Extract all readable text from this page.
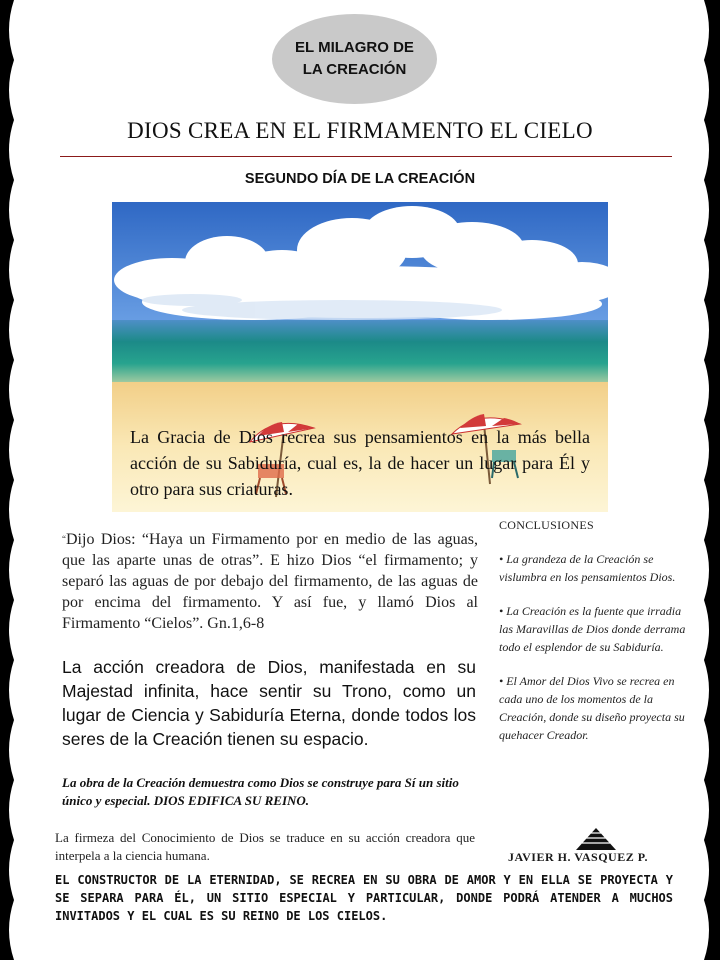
EL MILAGRO DE
LA CREACIÓN
DIOS CREA EN EL FIRMAMENTO EL CIELO
SEGUNDO DÍA DE LA CREACIÓN
La Gracia de Dios recrea sus pensamientos en la más bella acción de su Sabiduría, cual es, la de hacer un lugar para Él y otro para sus criaturas.
“Dijo Dios: “Haya un Firmamento por en medio de las aguas, que las aparte unas de otras”. E hizo Dios “el firmamento; y separó las aguas de por debajo del firmamento, de las aguas de por encima del firmamento. Y así fue, y llamó Dios al Firmamento “Cielos”. Gn.1,6-8
La acción creadora de Dios, manifestada en su Majestad infinita, hace sentir su Trono, como un lugar de Ciencia y Sabiduría Eterna, donde todos los seres de la Creación tienen su espacio.
La obra de la Creación demuestra como Dios se construye para Sí un sitio único y especial. DIOS EDIFICA SU REINO.
La firmeza del Conocimiento de Dios se traduce en su acción creadora que interpela a la ciencia humana.
CONCLUSIONES
• La grandeza de la Creación se vislumbra en los pensamientos Dios.
• La Creación es la fuente que irradia las Maravillas de Dios donde derrama todo el esplendor de su Sabiduría.
• El Amor del Dios Vivo se recrea en cada uno de los momentos de la Creación, donde su diseño proyecta su quehacer Creador.
JAVIER H. VASQUEZ P.
EL CONSTRUCTOR DE LA ETERNIDAD, SE RECREA EN SU OBRA DE AMOR Y EN ELLA SE PROYECTA Y SE SEPARA PARA ÉL, UN SITIO ESPECIAL Y PARTICULAR, DONDE PODRÁ ATENDER A MUCHOS INVITADOS Y EL CUAL ES SU REINO DE LOS CIELOS.
